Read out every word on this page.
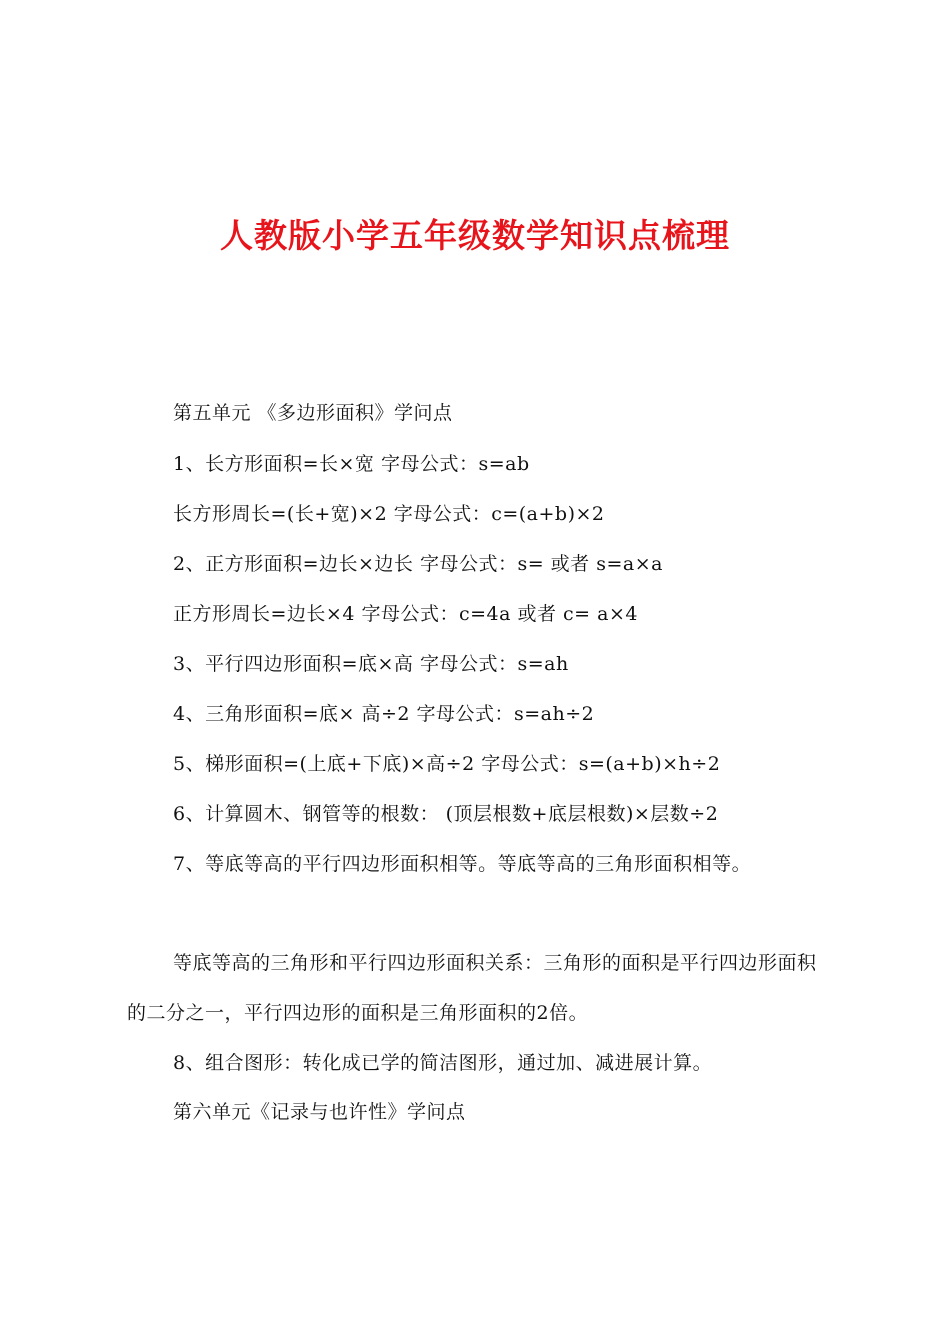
人教版小学五年级数学知识点梳理
第五单元 《多边形面积》学问点
1、长方形面积=长×宽 字母公式：s=ab
长方形周长=(长+宽)×2 字母公式：c=(a+b)×2
2、正方形面积=边长×边长 字母公式：s= 或者 s=a×a
正方形周长=边长×4 字母公式：c=4a 或者 c= a×4
3、平行四边形面积=底×高 字母公式：s=ah
4、三角形面积=底× 高÷2 字母公式：s=ah÷2
5、梯形面积=(上底+下底)×高÷2 字母公式：s=(a+b)×h÷2
6、计算圆木、钢管等的根数： (顶层根数+底层根数)×层数÷2
7、等底等高的平行四边形面积相等。等底等高的三角形面积相等。
等底等高的三角形和平行四边形面积关系：三角形的面积是平行四边形面积的二分之一，平行四边形的面积是三角形面积的2倍。
8、组合图形：转化成已学的简洁图形，通过加、减进展计算。
第六单元《记录与也许性》学问点
